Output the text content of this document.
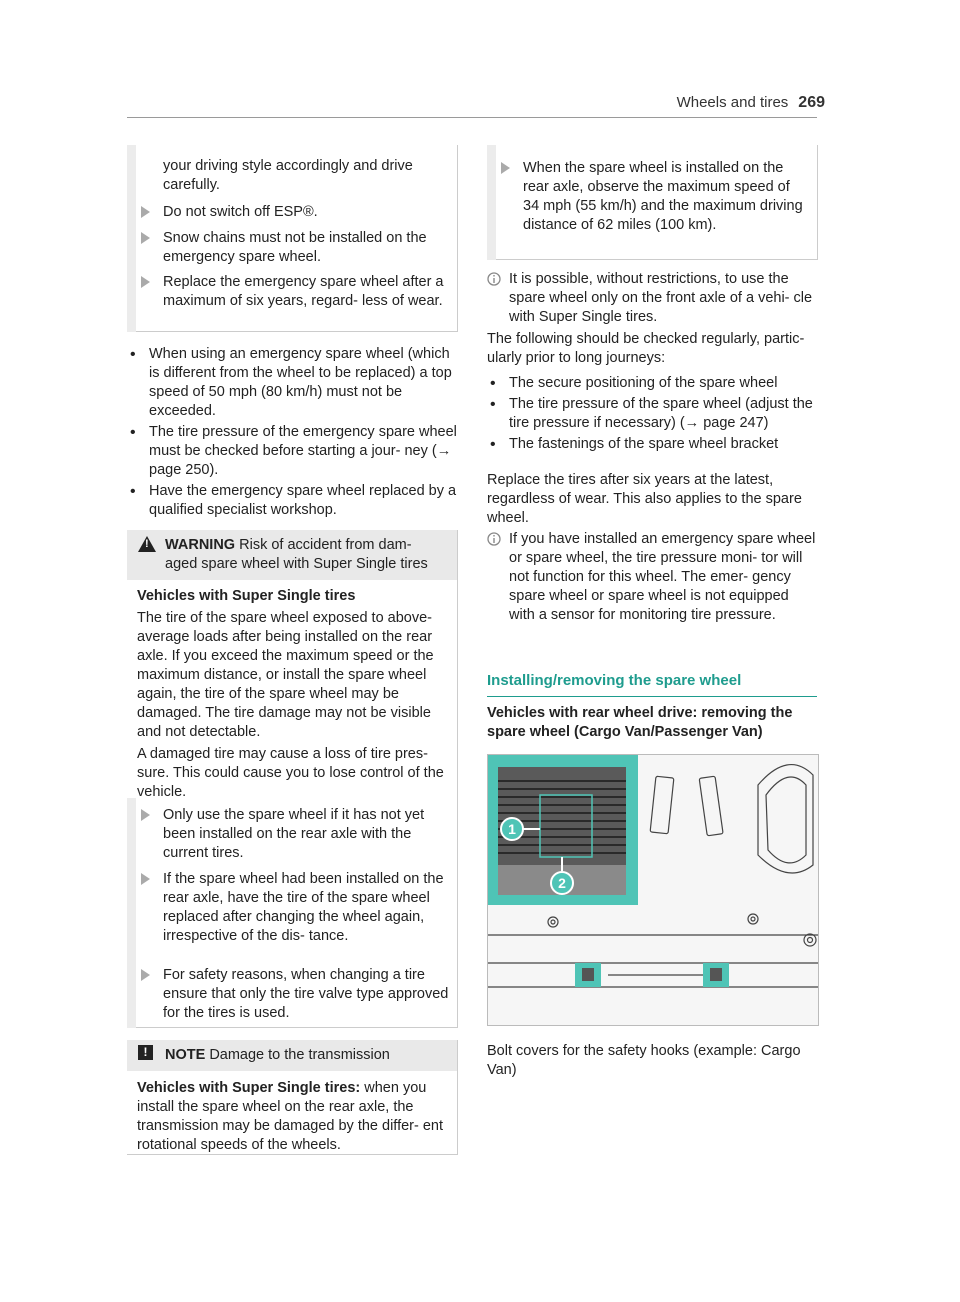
Wheels and tires 269
your driving style accordingly and drive carefully.
Do not switch off ESP®.
Snow chains must not be installed on the emergency spare wheel.
Replace the emergency spare wheel after a maximum of six years, regard‐ less of wear.
• When using an emergency spare wheel (which is different from the wheel to be replaced) a top speed of 50 mph (80 km/h) must not be exceeded.
• The tire pressure of the emergency spare wheel must be checked before starting a jour‐ ney (→ page 250).
• Have the emergency spare wheel replaced by a qualified specialist workshop.
!
WARNING Risk of accident from dam‐ aged spare wheel with Super Single tires

Vehicles with Super Single tires

The tire of the spare wheel exposed to above-average loads after being installed on the rear axle. If you exceed the maximum speed or the maximum distance, or install the spare wheel again, the tire of the spare wheel may be damaged. The tire damage may not be visible and not detectable.

A damaged tire may cause a loss of tire pres‐ sure. This could cause you to lose control of the vehicle.

Only use the spare wheel if it has not yet been installed on the rear axle with the current tires.
If the spare wheel had been installed on the rear axle, have the tire of the spare wheel replaced after changing the wheel again, irrespective of the dis‐ tance.
For safety reasons, when changing a tire ensure that only the tire valve type approved for the tires is used.
!	NOTE Damage to the transmission

Vehicles with Super Single tires: when you install the spare wheel on the rear axle, the transmission may be damaged by the differ‐ ent rotational speeds of the wheels.

When the spare wheel is installed on the rear axle, observe the maximum speed of 34 mph (55 km/h) and the maximum driving distance of 62 miles (100 km).

It is possible, without restrictions, to use the spare wheel only on the front axle of a vehi‐ cle with Super Single tires.

The following should be checked regularly, partic‐ ularly prior to long journeys:

• The secure positioning of the spare wheel
• The tire pressure of the spare wheel (adjust the tire pressure if necessary) (→ page 247)
• The fastenings of the spare wheel bracket

Replace the tires after six years at the latest, regardless of wear. This also applies to the spare wheel.

If you have installed an emergency spare wheel or spare wheel, the tire pressure moni‐ tor will not function for this wheel. The emer‐ gency spare wheel or spare wheel is not equipped with a sensor for monitoring tire pressure.

Installing/removing the spare wheel

Vehicles with rear wheel drive: removing the spare wheel (Cargo Van/Passenger Van)

1
2

Bolt covers for the safety hooks (example: Cargo Van)
